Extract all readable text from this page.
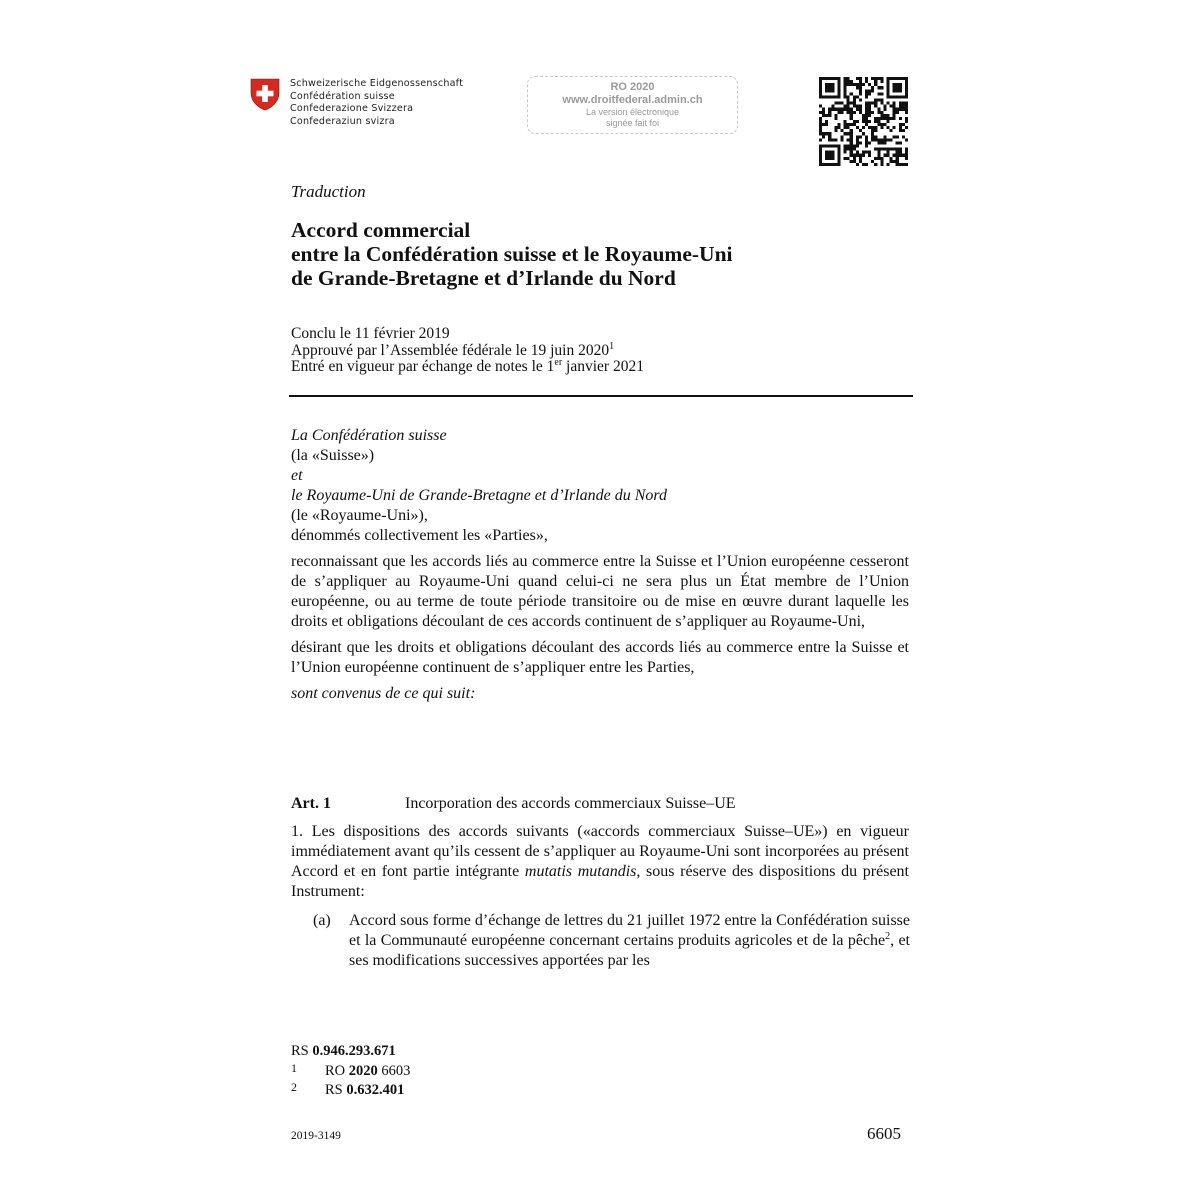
Schweizerische Eidgenossenschaft
Confédération suisse
Confederazione Svizzera
Confederaziun svizra
RO 2020
www.droitfederal.admin.ch
La version électronique
signée fait foi
Traduction
Accord commercial
entre la Confédération suisse et le Royaume-Uni
de Grande-Bretagne et d’Irlande du Nord
Conclu le 11 février 2019
Approuvé par l’Assemblée fédérale le 19 juin 2020$^1$
Entré en vigueur par échange de notes le 1er janvier 2021
La Confédération suisse
(la «Suisse»)
et
le Royaume-Uni de Grande-Bretagne et d’Irlande du Nord
(le «Royaume-Uni»),
dénommés collectivement les «Parties»,
reconnaissant que les accords liés au commerce entre la Suisse et l’Union européenne cesseront de s’appliquer au Royaume-Uni quand celui-ci ne sera plus un État membre de l’Union européenne, ou au terme de toute période transitoire ou de mise en œuvre durant laquelle les droits et obligations découlant de ces accords continuent de s’appliquer au Royaume-Uni,
désirant que les droits et obligations découlant des accords liés au commerce entre la Suisse et l’Union européenne continuent de s’appliquer entre les Parties,
sont convenus de ce qui suit:
Art. 1	Incorporation des accords commerciaux Suisse–UE
1. Les dispositions des accords suivants («accords commerciaux Suisse–UE») en vigueur immédiatement avant qu’ils cessent de s’appliquer au Royaume-Uni sont incorporées au présent Accord et en font partie intégrante mutatis mutandis, sous réserve des dispositions du présent Instrument:
(a) Accord sous forme d’échange de lettres du 21 juillet 1972 entre la Confédération suisse et la Communauté européenne concernant certains produits agricoles et de la pêche$^2$, et ses modifications successives apportées par les
RS 0.946.293.671
1 RO 2020 6603
2 RS 0.632.401
2019-3149	6605
